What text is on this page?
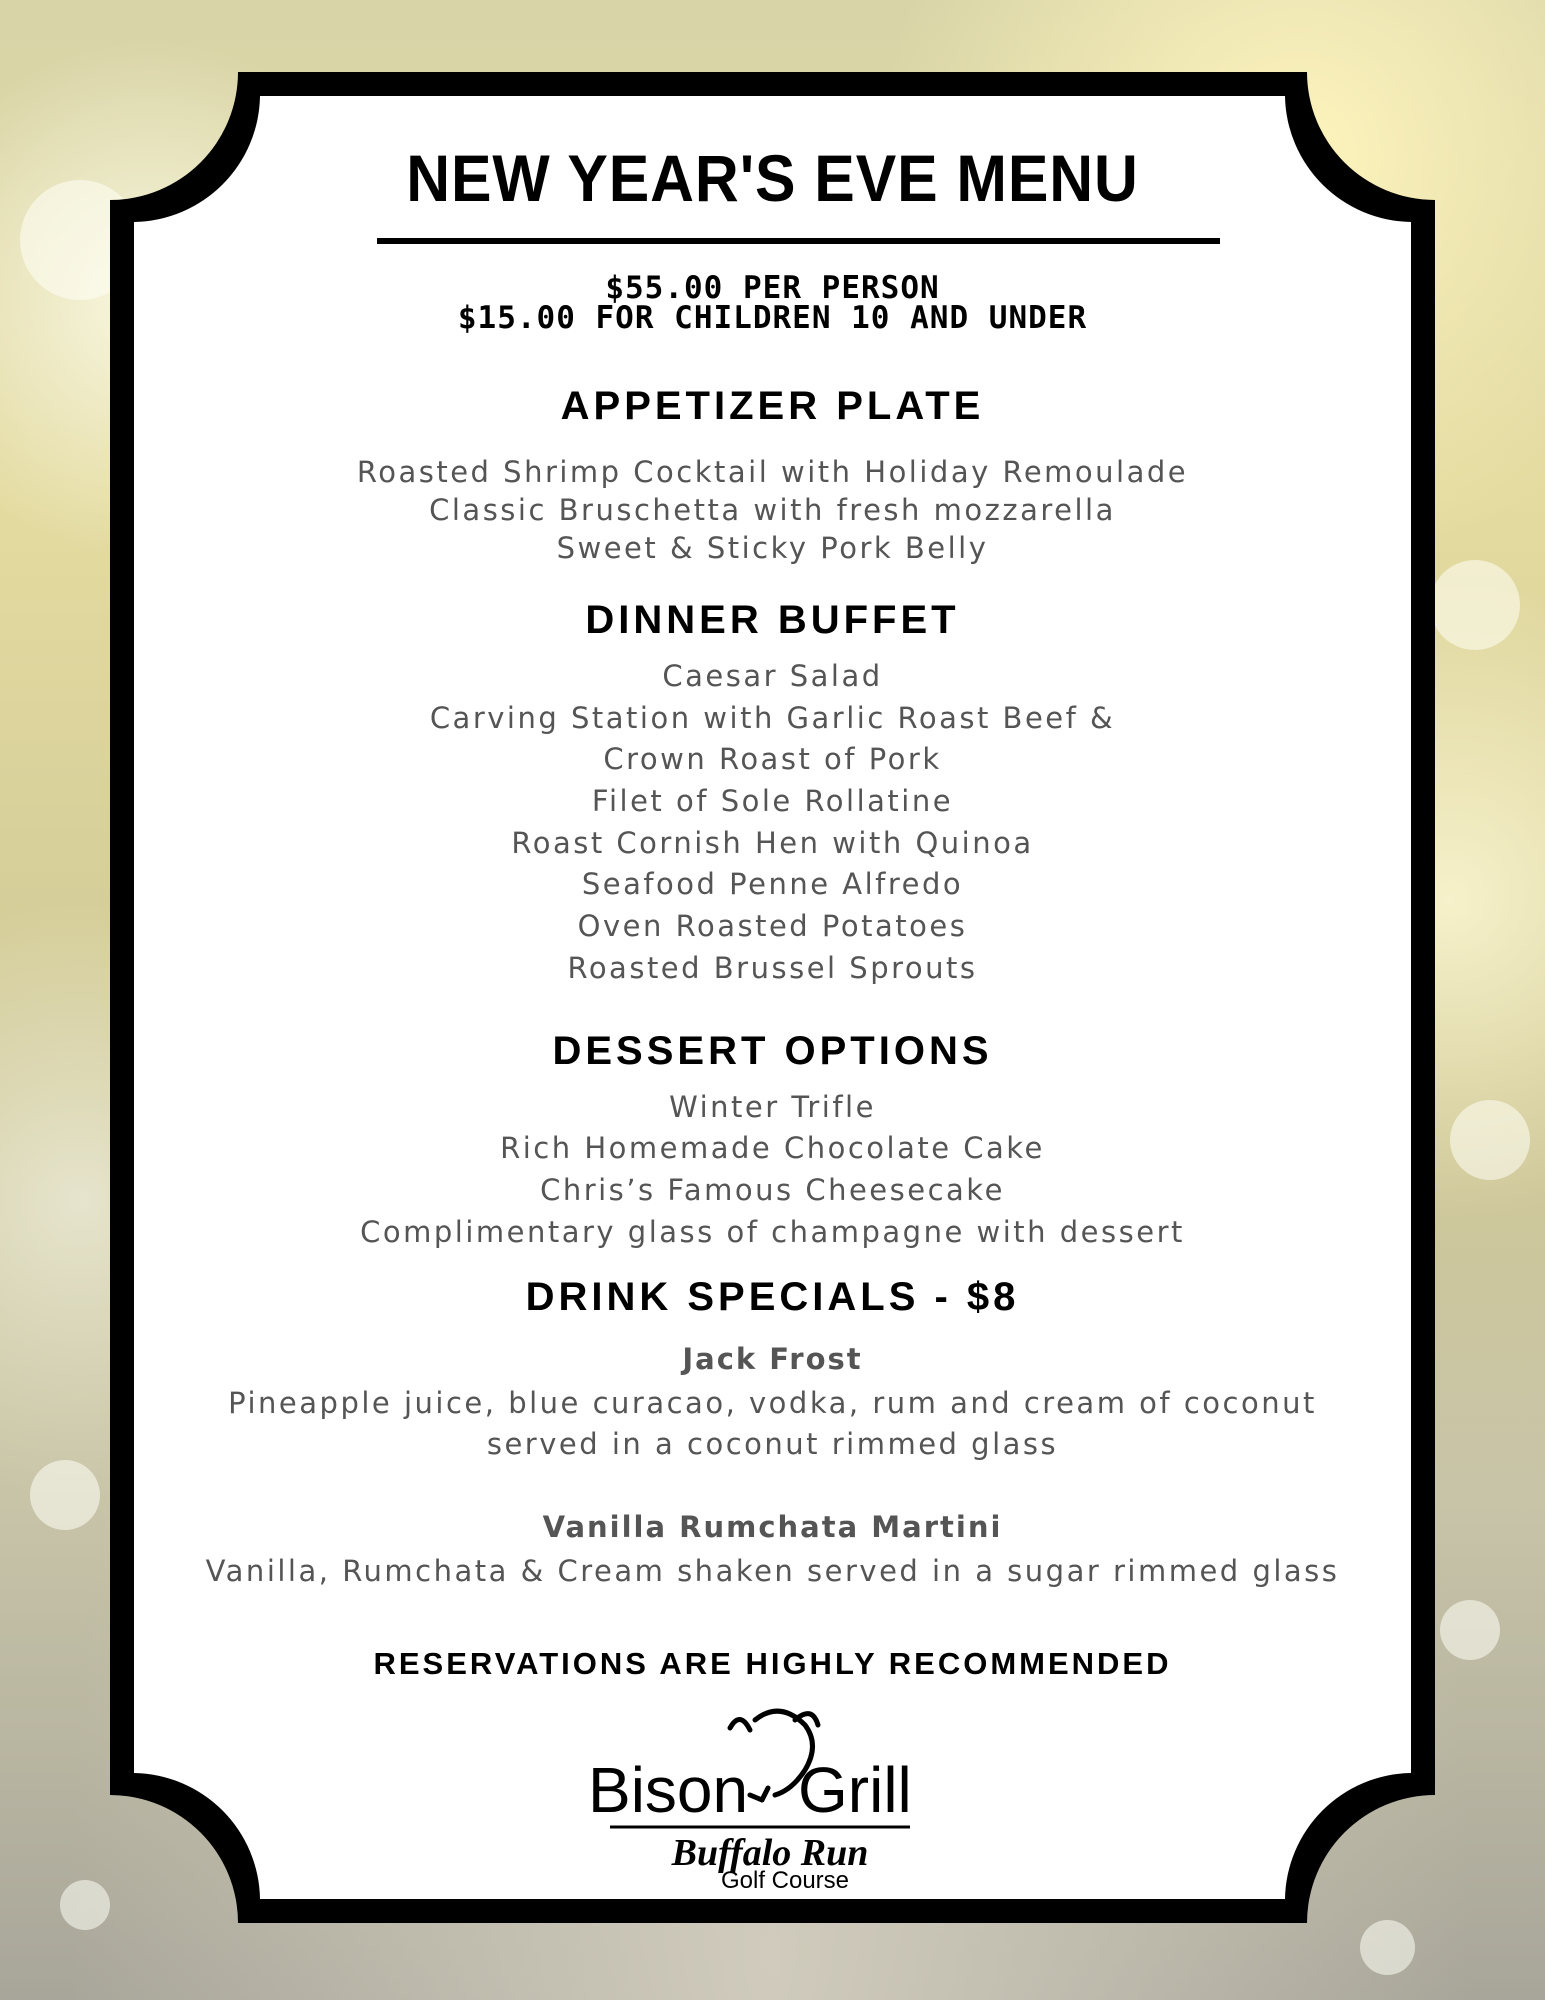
NEW YEAR'S EVE MENU
$55.00 PER PERSON
$15.00 FOR CHILDREN 10 AND UNDER
APPETIZER PLATE
Roasted Shrimp Cocktail with Holiday Remoulade
Classic Bruschetta with fresh mozzarella
Sweet & Sticky Pork Belly
DINNER BUFFET
Caesar Salad
Carving Station with Garlic Roast Beef &
Crown Roast of Pork
Filet of Sole Rollatine
Roast Cornish Hen with Quinoa
Seafood Penne Alfredo
Oven Roasted Potatoes
Roasted Brussel Sprouts
DESSERT OPTIONS
Winter Trifle
Rich Homemade Chocolate Cake
Chris’s Famous Cheesecake
Complimentary glass of champagne with dessert
DRINK SPECIALS - $8
Jack Frost
Pineapple juice, blue curacao, vodka, rum and cream of coconut
served in a coconut rimmed glass
Vanilla Rumchata Martini
Vanilla, Rumchata & Cream shaken served in a sugar rimmed glass
RESERVATIONS ARE HIGHLY RECOMMENDED
Bison Grill
Buffalo Run
Golf Course
